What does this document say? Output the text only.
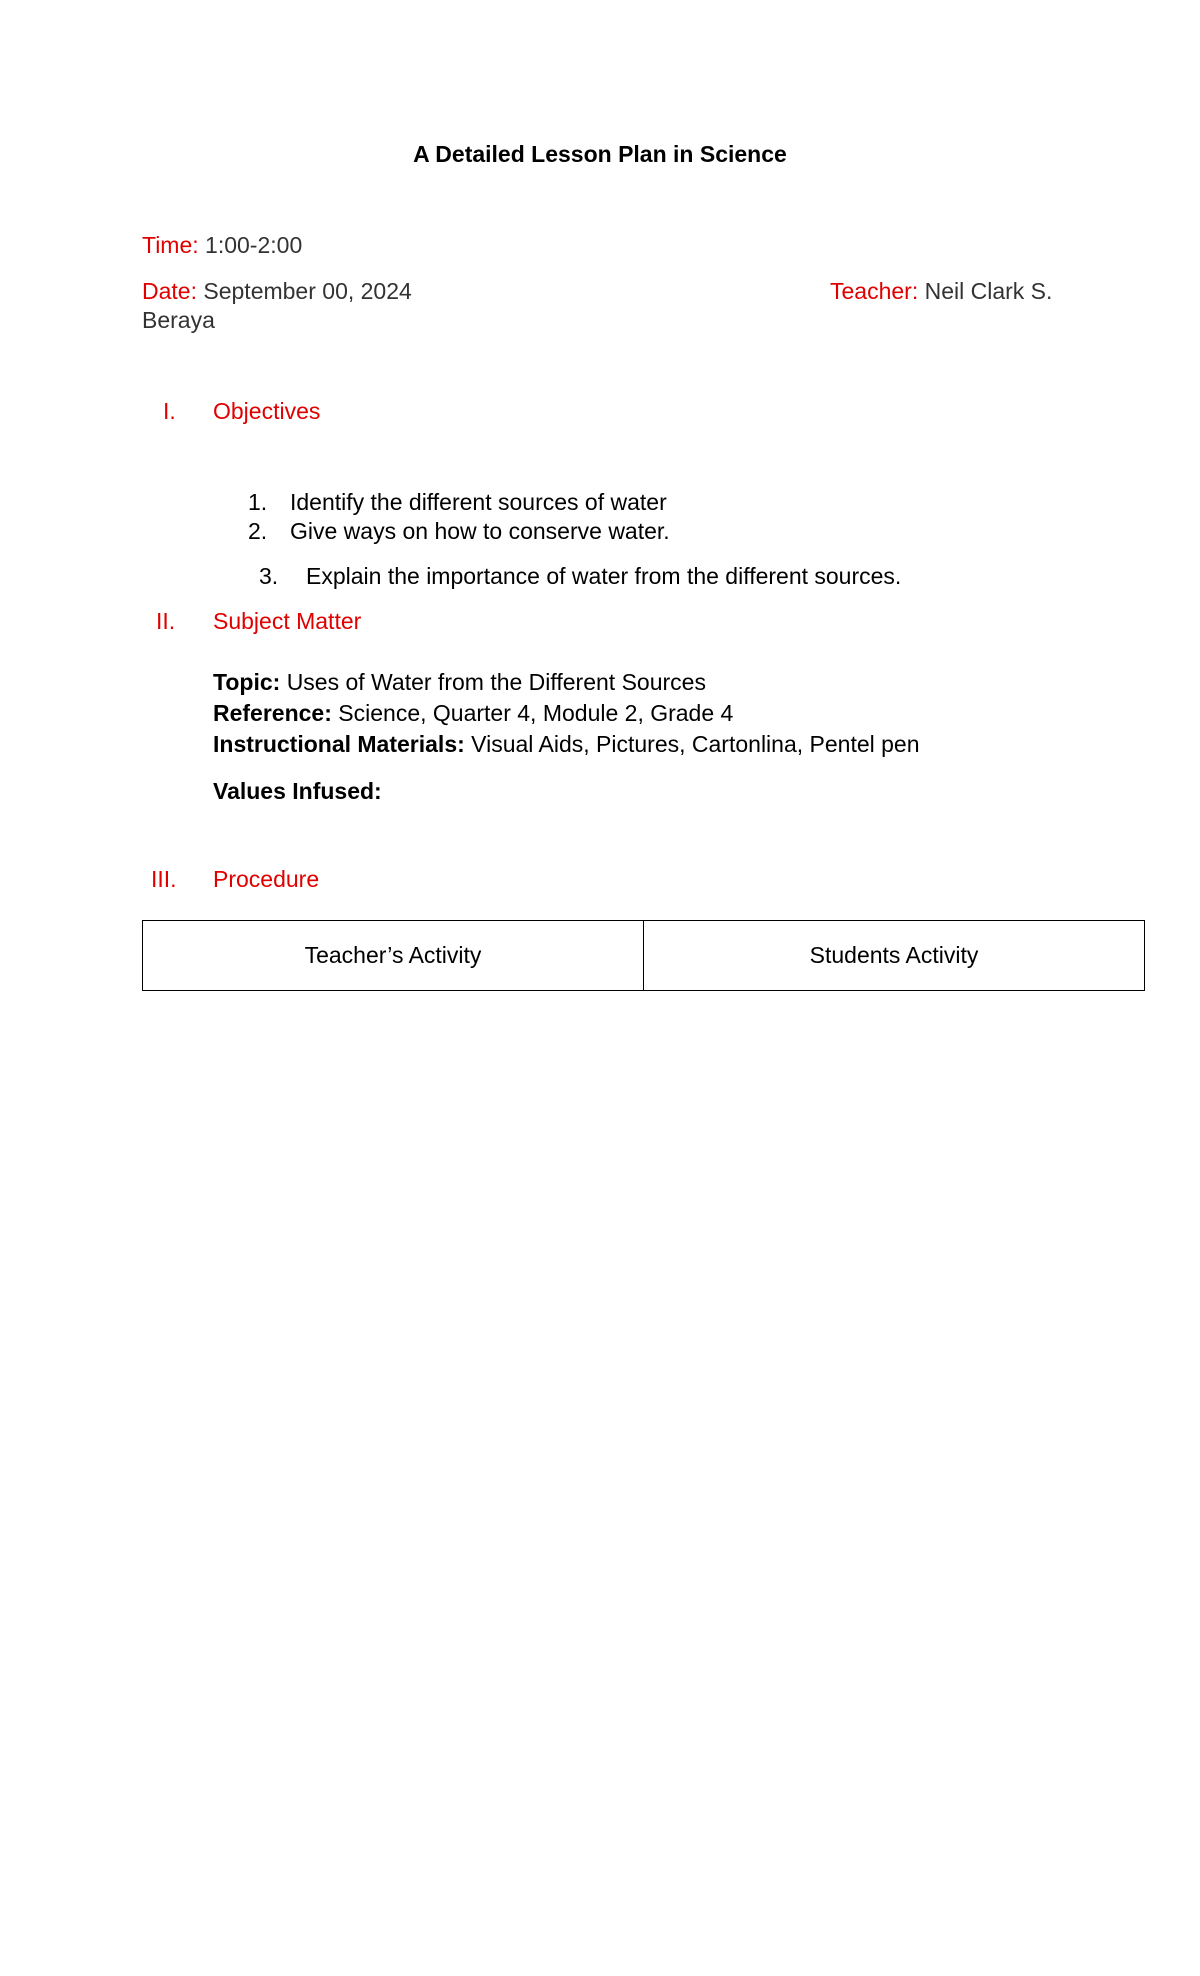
A Detailed Lesson Plan in Science
Time: 1:00-2:00
Date: September 00, 2024	Teacher: Neil Clark S.
Beraya
I. Objectives
1. Identify the different sources of water
2. Give ways on how to conserve water.
3. Explain the importance of water from the different sources.
II. Subject Matter
Topic: Uses of Water from the Different Sources
Reference: Science, Quarter 4, Module 2, Grade 4
Instructional Materials: Visual Aids, Pictures, Cartonlina, Pentel pen
Values Infused:
III. Procedure
Teacher’s Activity	Students Activity
